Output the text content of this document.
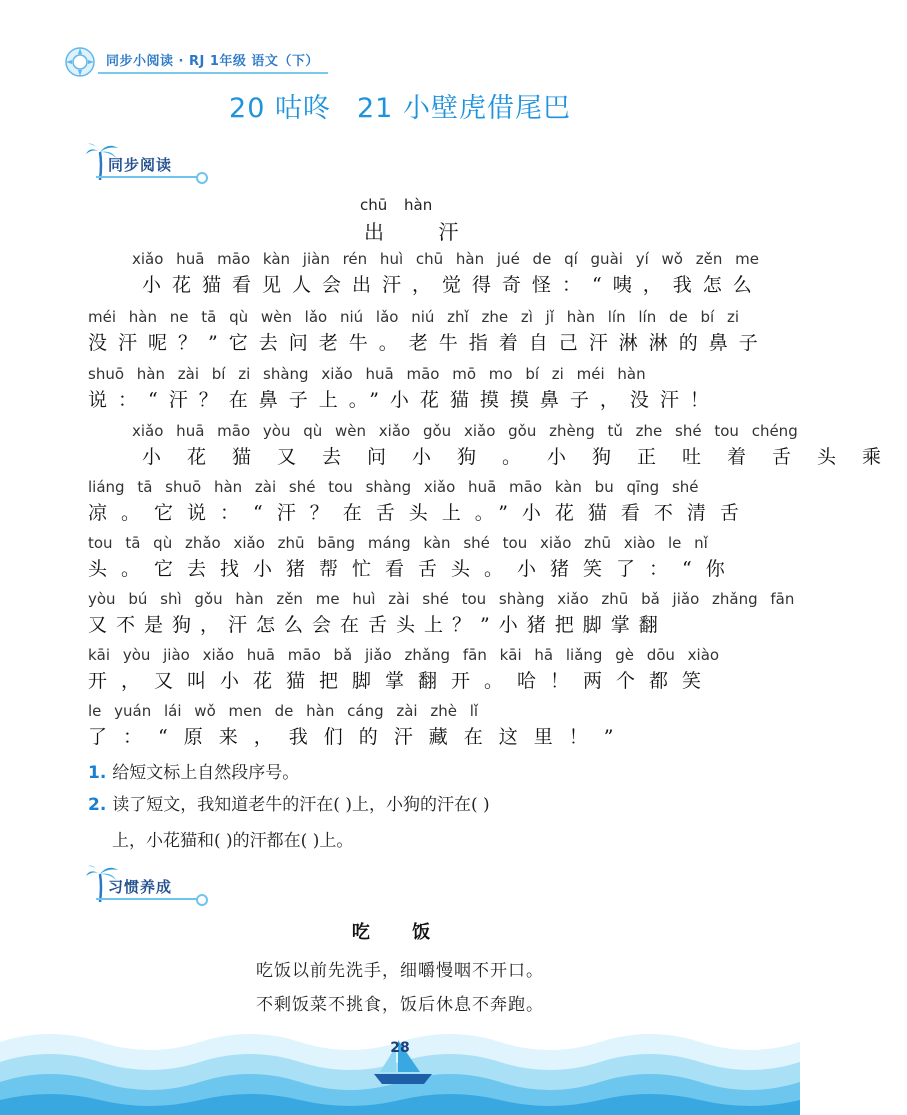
同步小阅读 · RJ 1年级 语文（下）
20 咕咚 21 小壁虎借尾巴
同步阅读
chū hàn
出 汗
xiǎo huā māo kàn jiàn rén huì chū hàn jué de qí guài yí wǒ zěn me
小花猫看见人会出汗，觉得奇怪：“咦，我怎么
méi hàn ne tā qù wèn lǎo niú lǎo niú zhǐ zhe zì jǐ hàn lín lín de bí zi
没汗呢？”它去问老牛。老牛指着自己汗淋淋的鼻子
shuō hàn zài bí zi shàng xiǎo huā māo mō mo bí zi méi hàn
说：“汗？在鼻子上。”小花猫摸摸鼻子，没汗！
xiǎo huā māo yòu qù wèn xiǎo gǒu xiǎo gǒu zhèng tǔ zhe shé tou chéng
小花猫又去问小狗。小狗正吐着舌头乘
liáng tā shuō hàn zài shé tou shàng xiǎo huā māo kàn bu qīng shé
凉。它说：“汗？在舌头上。”小花猫看不清舌
tou tā qù zhǎo xiǎo zhū bāng máng kàn shé tou xiǎo zhū xiào le nǐ
头。它去找小猪帮忙看舌头。小猪笑了：“你
yòu bú shì gǒu hàn zěn me huì zài shé tou shàng xiǎo zhū bǎ jiǎo zhǎng fān
又不是狗，汗怎么会在舌头上？”小猪把脚掌翻
kāi yòu jiào xiǎo huā māo bǎ jiǎo zhǎng fān kāi hā liǎng gè dōu xiào
开，又叫小花猫把脚掌翻开。哈！两个都笑
le yuán lái wǒ men de hàn cáng zài zhè lǐ
了：“原来，我们的汗藏在这里！”
1. 给短文标上自然段序号。
2. 读了短文，我知道老牛的汗在( )上，小狗的汗在( )
上，小花猫和( )的汗都在( )上。
习惯养成
吃 饭
吃饭以前先洗手，细嚼慢咽不开口。
不剩饭菜不挑食，饭后休息不奔跑。
28
